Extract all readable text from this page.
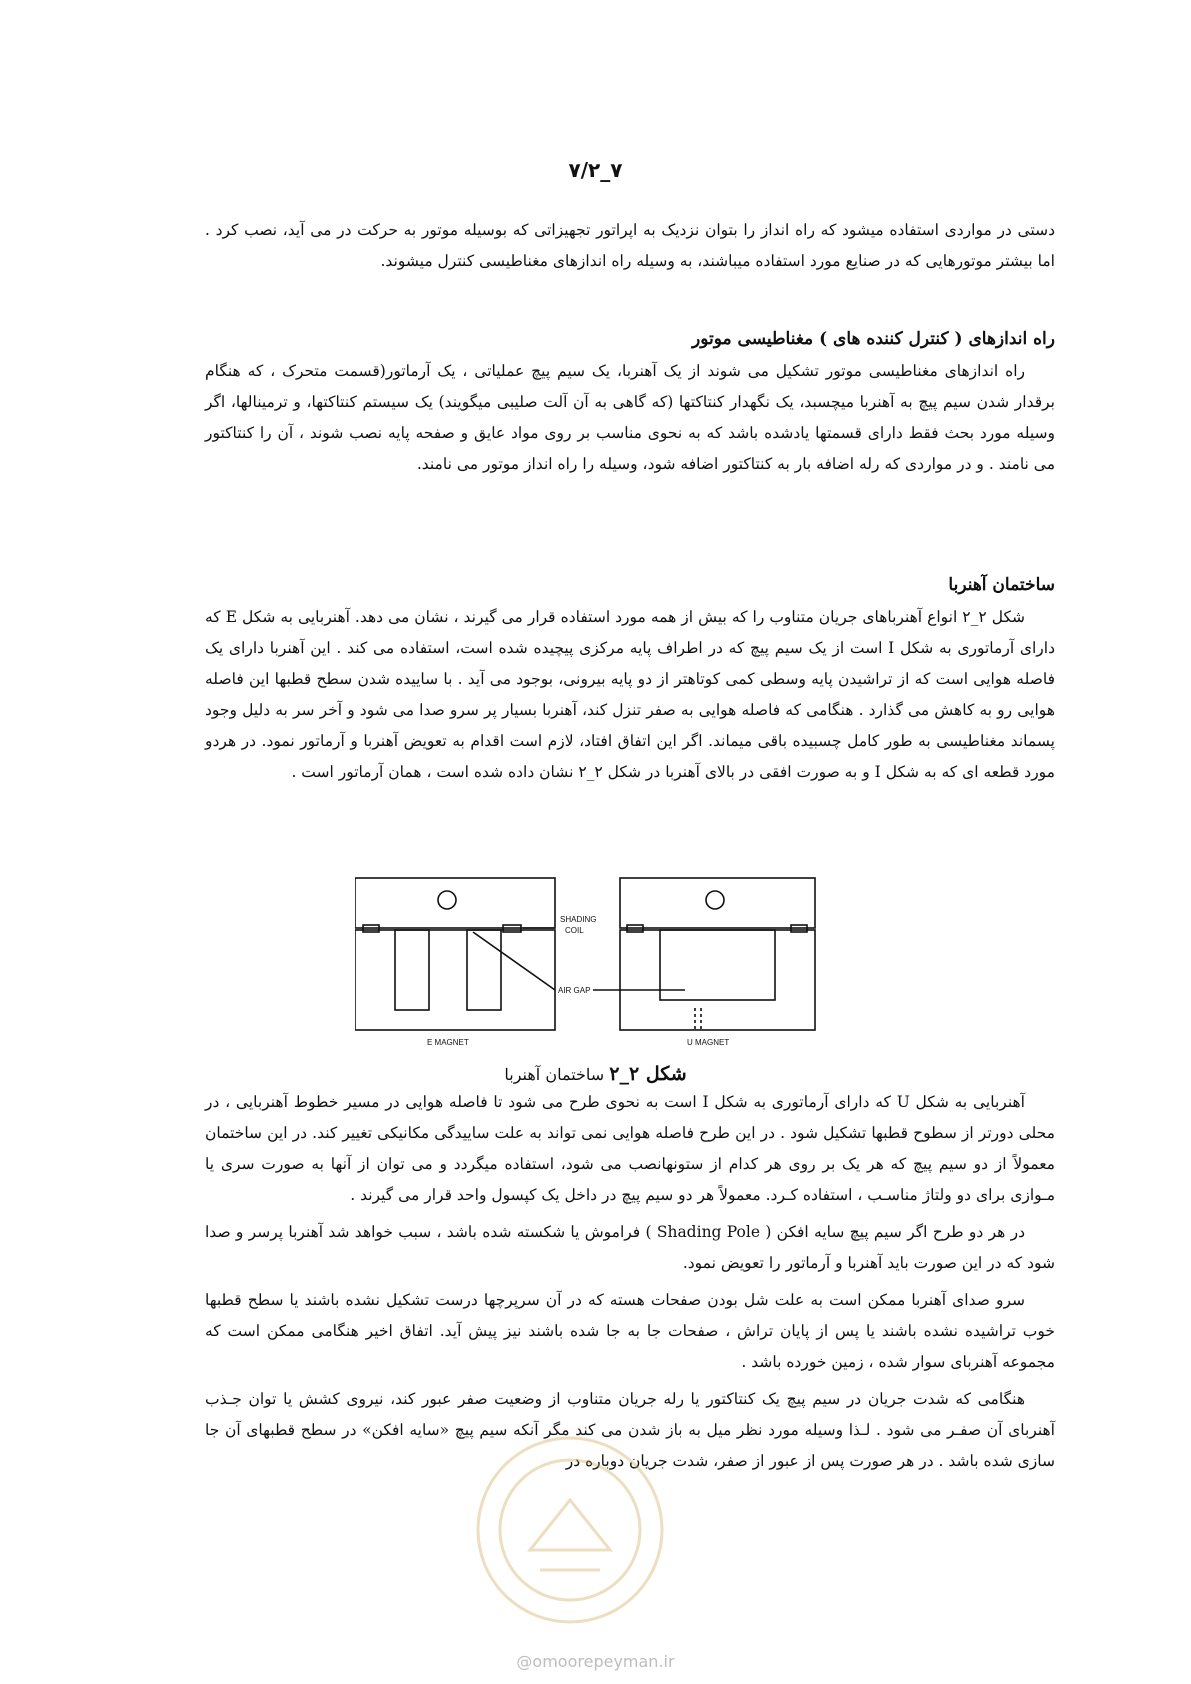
۷/۲_۷

دستی در مواردی استفاده میشود که راه انداز را بتوان نزدیک به اپراتور تجهیزاتی که بوسیله موتور به حرکت در می آید، نصب کرد . اما بیشتر موتورهایی که در صنایع مورد استفاده میباشند، به وسیله راه اندازهای مغناطیسی کنترل میشوند.

راه اندازهای ( کنترل کننده های ) مغناطیسی موتور

راه اندازهای مغناطیسی موتور تشکیل می شوند از یک آهنربا، یک سیم پیچ عملیاتی ، یک آرماتور(قسمت متحرک ، که هنگام برقدار شدن سیم پیچ به آهنربا میچسبد، یک نگهدار کنتاکتها (که گاهی به آن آلت صلیبی میگویند) یک سیستم کنتاکتها، و ترمینالها، اگر وسیله مورد بحث فقط دارای قسمتها یادشده باشد که به نحوی مناسب بر روی مواد عایق و صفحه پایه نصب شوند ، آن را کنتاکتور می نامند . و در مواردی که رله اضافه بار به کنتاکتور اضافه شود، وسیله را راه انداز موتور می نامند.

ساختمان آهنربا

شکل ۲_۲ انواع آهنرباهای جریان متناوب را که بیش از همه مورد استفاده قرار می گیرند ، نشان می دهد. آهنربایی به شکل E که دارای آرماتوری به شکل I است از یک سیم پیچ که در اطراف پایه مرکزی پیچیده شده است، استفاده می کند . این آهنربا دارای یک فاصله هوایی است که از تراشیدن پایه وسطی کمی کوتاهتر از دو پایه بیرونی، بوجود می آید . با ساییده شدن سطح قطبها این فاصله هوایی رو به کاهش می گذارد . هنگامی که فاصله هوایی به صفر تنزل کند، آهنربا بسیار پر سرو صدا می شود و آخر سر به دلیل وجود پسماند مغناطیسی به طور کامل چسبیده باقی میماند. اگر این اتفاق افتاد، لازم است اقدام به تعویض آهنربا و آرماتور نمود. در هردو مورد قطعه ای که به شکل I و به صورت افقی در بالای آهنربا در شکل ۲_۲ نشان داده شده است ، همان آرماتور است .

SHADING
COIL
AIR GAP
E MAGNET	U MAGNET
شکل ۲_۲ ساختمان آهنربا

آهنربایی به شکل U که دارای آرماتوری به شکل I است به نحوی طرح می شود تا فاصله هوایی در مسیر خطوط آهنربایی ، در محلی دورتر از سطوح قطبها تشکیل شود . در این طرح فاصله هوایی نمی تواند به علت ساییدگی مکانیکی تغییر کند. در این ساختمان معمولاً از دو سیم پیچ که هر یک بر روی هر کدام از ستونهانصب می شود، استفاده میگردد و می توان از آنها به صورت سری یا مـوازی برای دو ولتاژ مناسـب ، استفاده کـرد. معمولاً هر دو سیم پیچ در داخل یک کپسول واحد قرار می گیرند .

در هر دو طرح اگر سیم پیچ سایه افکن ( Shading Pole ) فراموش یا شکسته شده باشد ، سبب خواهد شد آهنربا پرسر و صدا شود که در این صورت باید آهنربا و آرماتور را تعویض نمود.

سرو صدای آهنربا ممکن است به علت شل بودن صفحات هسته که در آن سرپرچها درست تشکیل نشده باشند یا سطح قطبها خوب تراشیده نشده باشند یا پس از پایان تراش ، صفحات جا به جا شده باشند نیز پیش آید. اتفاق اخیر هنگامی ممکن است که مجموعه آهنربای سوار شده ، زمین خورده باشد .

هنگامی که شدت جریان در سیم پیچ یک کنتاکتور یا رله جریان متناوب از وضعیت صفر عبور کند، نیروی کشش یا توان جـذب آهنربای آن صفـر می شود . لـذا وسیله مورد نظر میل به باز شدن می کند مگر آنکه سیم پیچ «سایه افکن» در سطح قطبهای آن جا سازی شده باشد . در هر صورت پس از عبور از صفر، شدت جریان دوباره در

@omoorepeyman.ir
